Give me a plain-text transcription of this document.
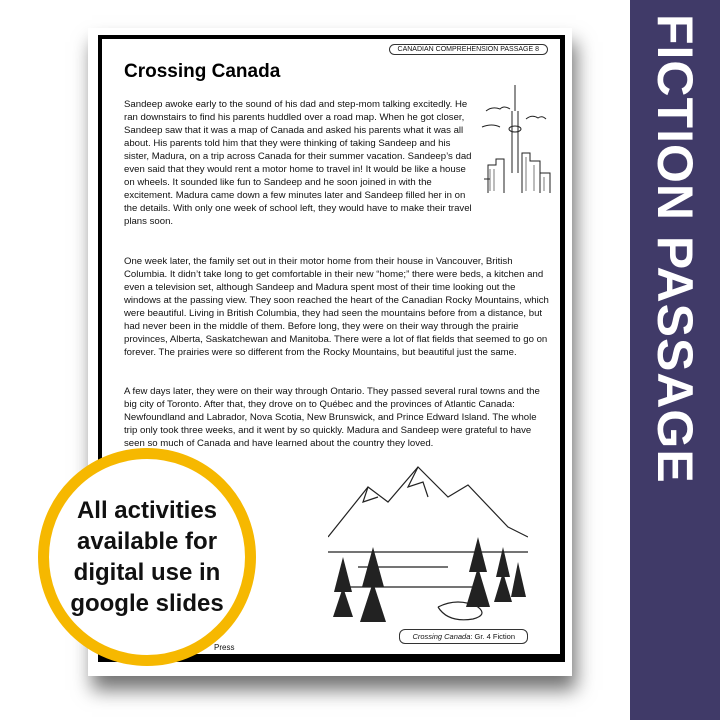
FICTION PASSAGE
CANADIAN COMPREHENSION PASSAGE 8
Crossing Canada
Sandeep awoke early to the sound of his dad and step-mom talking excitedly. He ran downstairs to find his parents huddled over a road map. When he got closer, Sandeep saw that it was a map of Canada and asked his parents what it was all about. His parents told him that they were thinking of taking Sandeep and his sister, Madura, on a trip across Canada for their summer vacation. Sandeep’s dad even said that they would rent a motor home to travel in! It would be like a house on wheels. It sounded like fun to Sandeep and he soon joined in with the excitement. Madura came down a few minutes later and Sandeep filled her in on the details. With only one week of school left, they would have to make their travel plans soon.
One week later, the family set out in their motor home from their house in Vancouver, British Columbia. It didn’t take long to get comfortable in their new “home;” there were beds, a kitchen and even a television set, although Sandeep and Madura spent most of their time looking out the windows at the passing view. They soon reached the heart of the Canadian Rocky Mountains, which were beautiful. Living in British Columbia, they had seen the mountains before from a distance, but had never been in the middle of them. Before long, they were on their way through the prairie provinces, Alberta, Saskatchewan and Manitoba. There were a lot of flat fields that seemed to go on forever. The prairies were so different from the Rocky Mountains, but beautiful just the same.
A few days later, they were on their way through Ontario. They passed several rural towns and the big city of Toronto. After that, they drove on to Québec and the provinces of Atlantic Canada: Newfoundland and Labrador, Nova Scotia, New Brunswick, and Prince Edward Island. The whole trip only took three weeks, and it went by so quickly. Madura and Sandeep were grateful to have seen so much of Canada and have learned about the country they loved.
Press
Crossing Canada: Gr. 4 Fiction
All activities available for digital use in google slides
